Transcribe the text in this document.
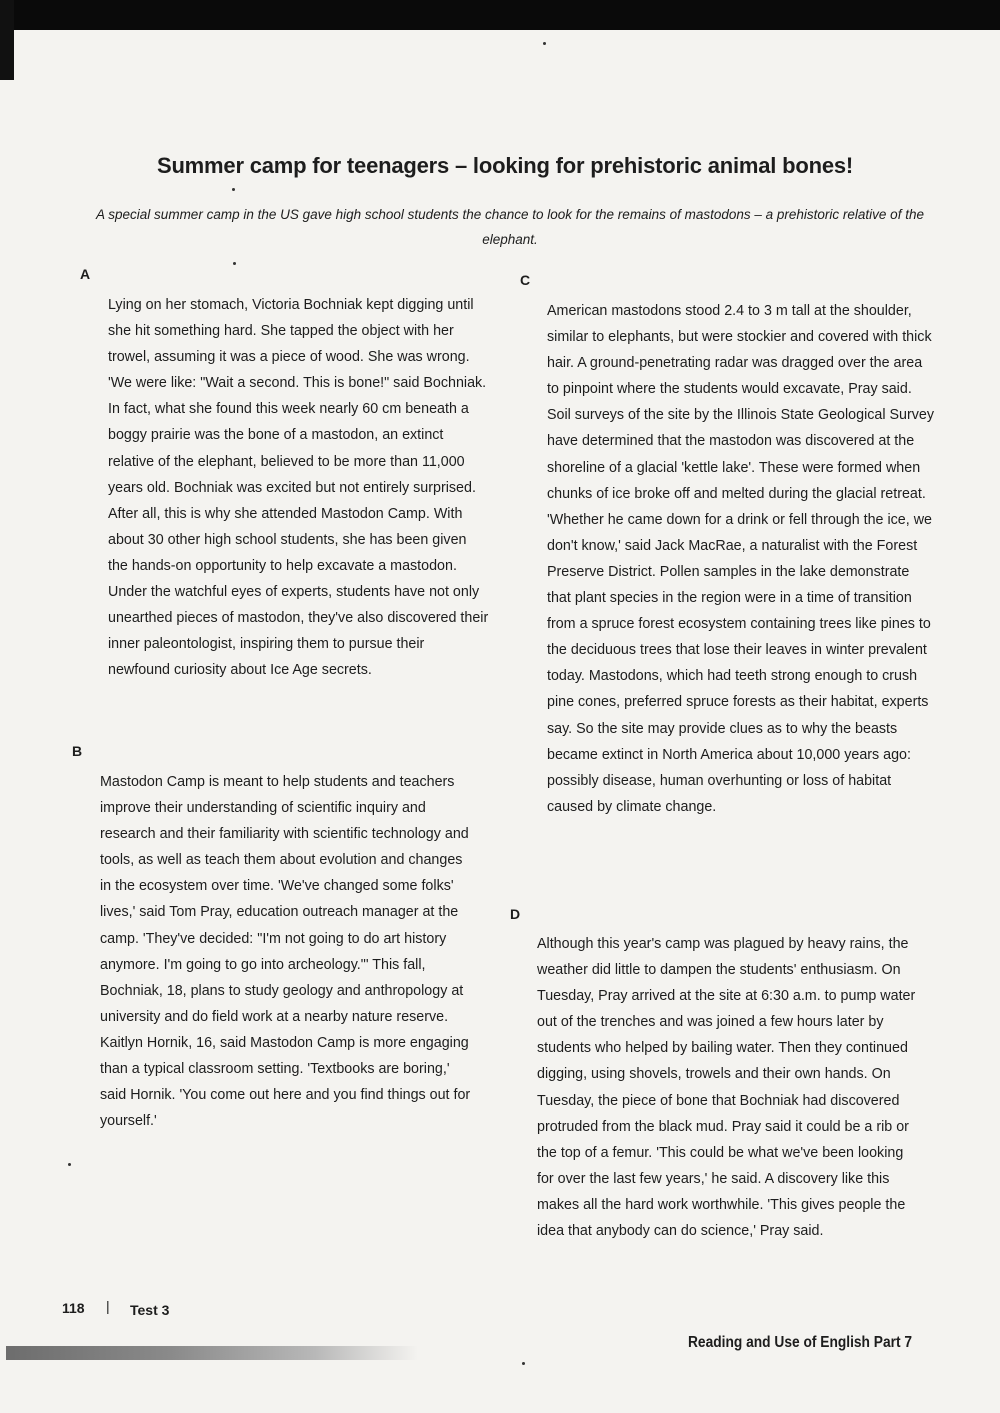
Summer camp for teenagers – looking for prehistoric animal bones!

A special summer camp in the US gave high school students the chance to look for the remains of mastodons – a prehistoric relative of the elephant.

A

Lying on her stomach, Victoria Bochniak kept digging until she hit something hard. She tapped the object with her trowel, assuming it was a piece of wood. She was wrong. 'We were like: "Wait a second. This is bone!" said Bochniak. In fact, what she found this week nearly 60 cm beneath a boggy prairie was the bone of a mastodon, an extinct relative of the elephant, believed to be more than 11,000 years old. Bochniak was excited but not entirely surprised. After all, this is why she attended Mastodon Camp. With about 30 other high school students, she has been given the hands-on opportunity to help excavate a mastodon. Under the watchful eyes of experts, students have not only unearthed pieces of mastodon, they've also discovered their inner paleontologist, inspiring them to pursue their newfound curiosity about Ice Age secrets.

B

Mastodon Camp is meant to help students and teachers improve their understanding of scientific inquiry and research and their familiarity with scientific technology and tools, as well as teach them about evolution and changes in the ecosystem over time. 'We've changed some folks' lives,' said Tom Pray, education outreach manager at the camp. 'They've decided: "I'm not going to do art history anymore. I'm going to go into archeology."' This fall, Bochniak, 18, plans to study geology and anthropology at university and do field work at a nearby nature reserve. Kaitlyn Hornik, 16, said Mastodon Camp is more engaging than a typical classroom setting. 'Textbooks are boring,' said Hornik. 'You come out here and you find things out for yourself.'

C

American mastodons stood 2.4 to 3 m tall at the shoulder, similar to elephants, but were stockier and covered with thick hair. A ground-penetrating radar was dragged over the area to pinpoint where the students would excavate, Pray said. Soil surveys of the site by the Illinois State Geological Survey have determined that the mastodon was discovered at the shoreline of a glacial 'kettle lake'. These were formed when chunks of ice broke off and melted during the glacial retreat. 'Whether he came down for a drink or fell through the ice, we don't know,' said Jack MacRae, a naturalist with the Forest Preserve District. Pollen samples in the lake demonstrate that plant species in the region were in a time of transition from a spruce forest ecosystem containing trees like pines to the deciduous trees that lose their leaves in winter prevalent today. Mastodons, which had teeth strong enough to crush pine cones, preferred spruce forests as their habitat, experts say. So the site may provide clues as to why the beasts became extinct in North America about 10,000 years ago: possibly disease, human overhunting or loss of habitat caused by climate change.

D

Although this year's camp was plagued by heavy rains, the weather did little to dampen the students' enthusiasm. On Tuesday, Pray arrived at the site at 6:30 a.m. to pump water out of the trenches and was joined a few hours later by students who helped by bailing water. Then they continued digging, using shovels, trowels and their own hands. On Tuesday, the piece of bone that Bochniak had discovered protruded from the black mud. Pray said it could be a rib or the top of a femur. 'This could be what we've been looking for over the last few years,' he said. A discovery like this makes all the hard work worthwhile. 'This gives people the idea that anybody can do science,' Pray said.

118 | Test 3
Reading and Use of English Part 7
